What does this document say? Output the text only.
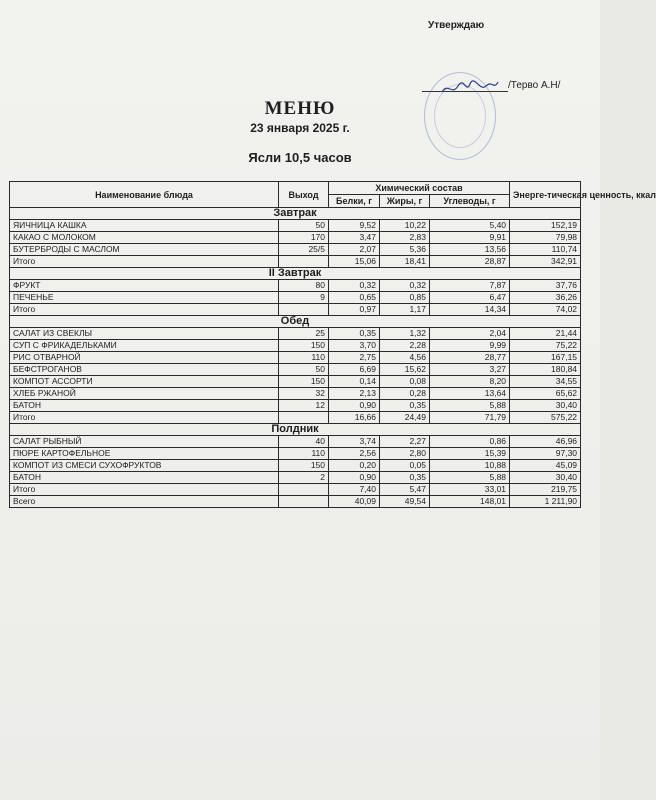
Утверждаю
/Терво А.Н/
МЕНЮ
23 января 2025 г.
Ясли 10,5 часов
Наименование блюда	Выход	Химический состав			Энерге-тическая ценность, ккал
		Белки, г	Жиры, г	Углеводы, г	
Завтрак					
ЯИЧНИЦА КАШКА	50	9,52	10,22	5,40	152,19
КАКАО С МОЛОКОМ	170	3,47	2,83	9,91	79,98
БУТЕРБРОДЫ С МАСЛОМ	25/5	2,07	5,36	13,56	110,74
Итого		15,06	18,41	28,87	342,91
II Завтрак					
ФРУКТ	80	0,32	0,32	7,87	37,76
ПЕЧЕНЬЕ	9	0,65	0,85	6,47	36,26
Итого		0,97	1,17	14,34	74,02
Обед					
САЛАТ ИЗ СВЕКЛЫ	25	0,35	1,32	2,04	21,44
СУП С ФРИКАДЕЛЬКАМИ	150	3,70	2,28	9,99	75,22
РИС ОТВАРНОЙ	110	2,75	4,56	28,77	167,15
БЕФСТРОГАНОВ	50	6,69	15,62	3,27	180,84
КОМПОТ АССОРТИ	150	0,14	0,08	8,20	34,55
ХЛЕБ РЖАНОЙ	32	2,13	0,28	13,64	65,62
БАТОН	12	0,90	0,35	5,88	30,40
Итого		16,66	24,49	71,79	575,22
Полдник					
САЛАТ РЫБНЫЙ	40	3,74	2,27	0,86	46,96
ПЮРЕ КАРТОФЕЛЬНОЕ	110	2,56	2,80	15,39	97,30
КОМПОТ ИЗ СМЕСИ СУХОФРУКТОВ	150	0,20	0,05	10,88	45,09
БАТОН	2	0,90	0,35	5,88	30,40
Итого		7,40	5,47	33,01	219,75
Всего		40,09	49,54	148,01	1 211,90
